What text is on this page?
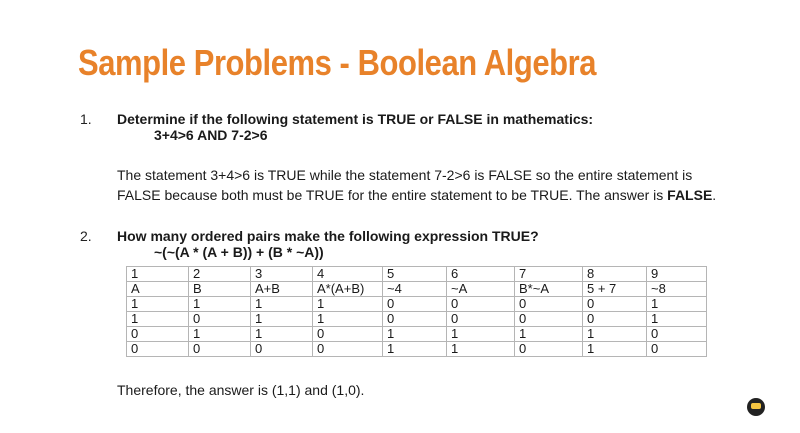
Sample Problems - Boolean Algebra
1. Determine if the following statement is TRUE or FALSE in mathematics:
3+4>6 AND 7-2>6
The statement 3+4>6 is TRUE while the statement 7-2>6 is FALSE so the entire statement is
FALSE because both must be TRUE for the entire statement to be TRUE. The answer is FALSE.
2. How many ordered pairs make the following expression TRUE?
~(~(A * (A + B)) + (B * ~A))
1	2	3	4	5	6	7	8	9
A	B	A+B	A*(A+B)	~4	~A	B*~A	5 + 7	~8
1	1	1	1	0	0	0	0	1
1	0	1	1	0	0	0	0	1
0	1	1	0	1	1	1	1	0
0	0	0	0	1	1	0	1	0
Therefore, the answer is (1,1) and (1,0).
